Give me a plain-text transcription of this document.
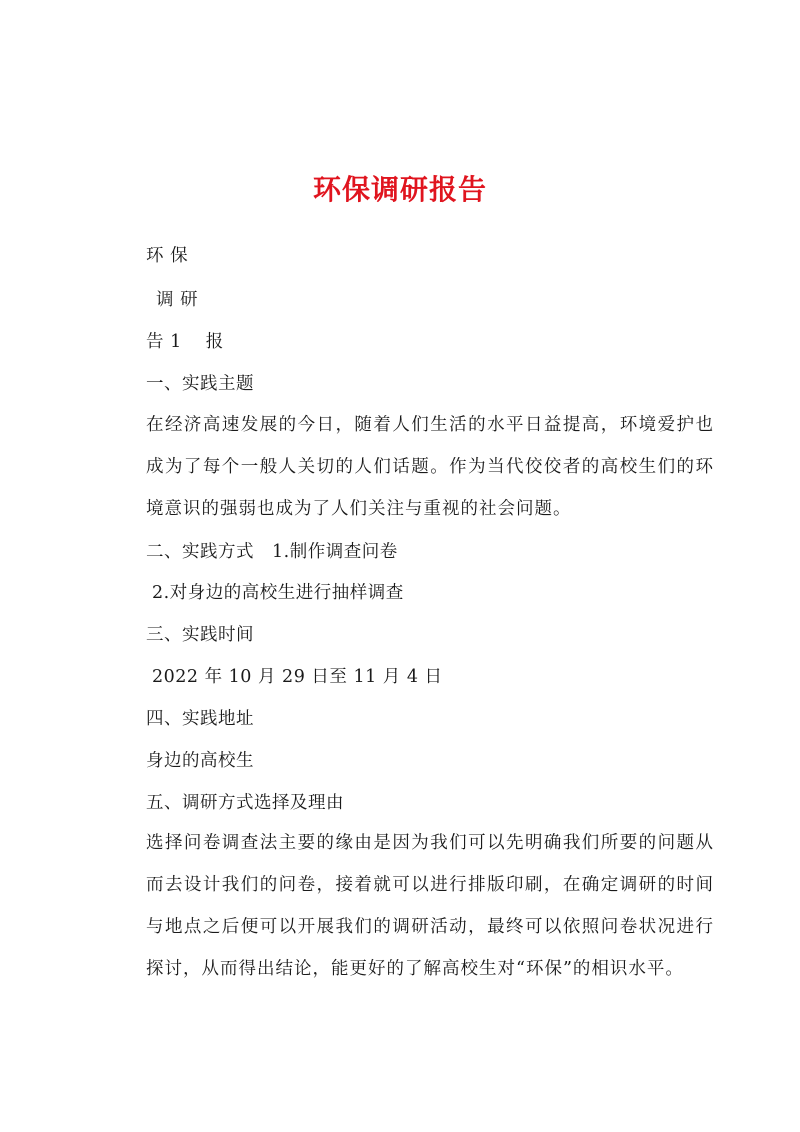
环保调研报告
环 保
调 研
告 1　 报
一、实践主题
在经济高速发展的今日，随着人们生活的水平日益提高，环境爱护也成为了每个一般人关切的人们话题。作为当代佼佼者的高校生们的环境意识的强弱也成为了人们关注与重视的社会问题。
二、实践方式 1.制作调查问卷
2.对身边的高校生进行抽样调查
三、实践时间
2022 年 10 月 29 日至 11 月 4 日
四、实践地址
身边的高校生
五、调研方式选择及理由
选择问卷调查法主要的缘由是因为我们可以先明确我们所要的问题从而去设计我们的问卷，接着就可以进行排版印刷，在确定调研的时间与地点之后便可以开展我们的调研活动，最终可以依照问卷状况进行探讨，从而得出结论，能更好的了解高校生对“环保”的相识水平。
